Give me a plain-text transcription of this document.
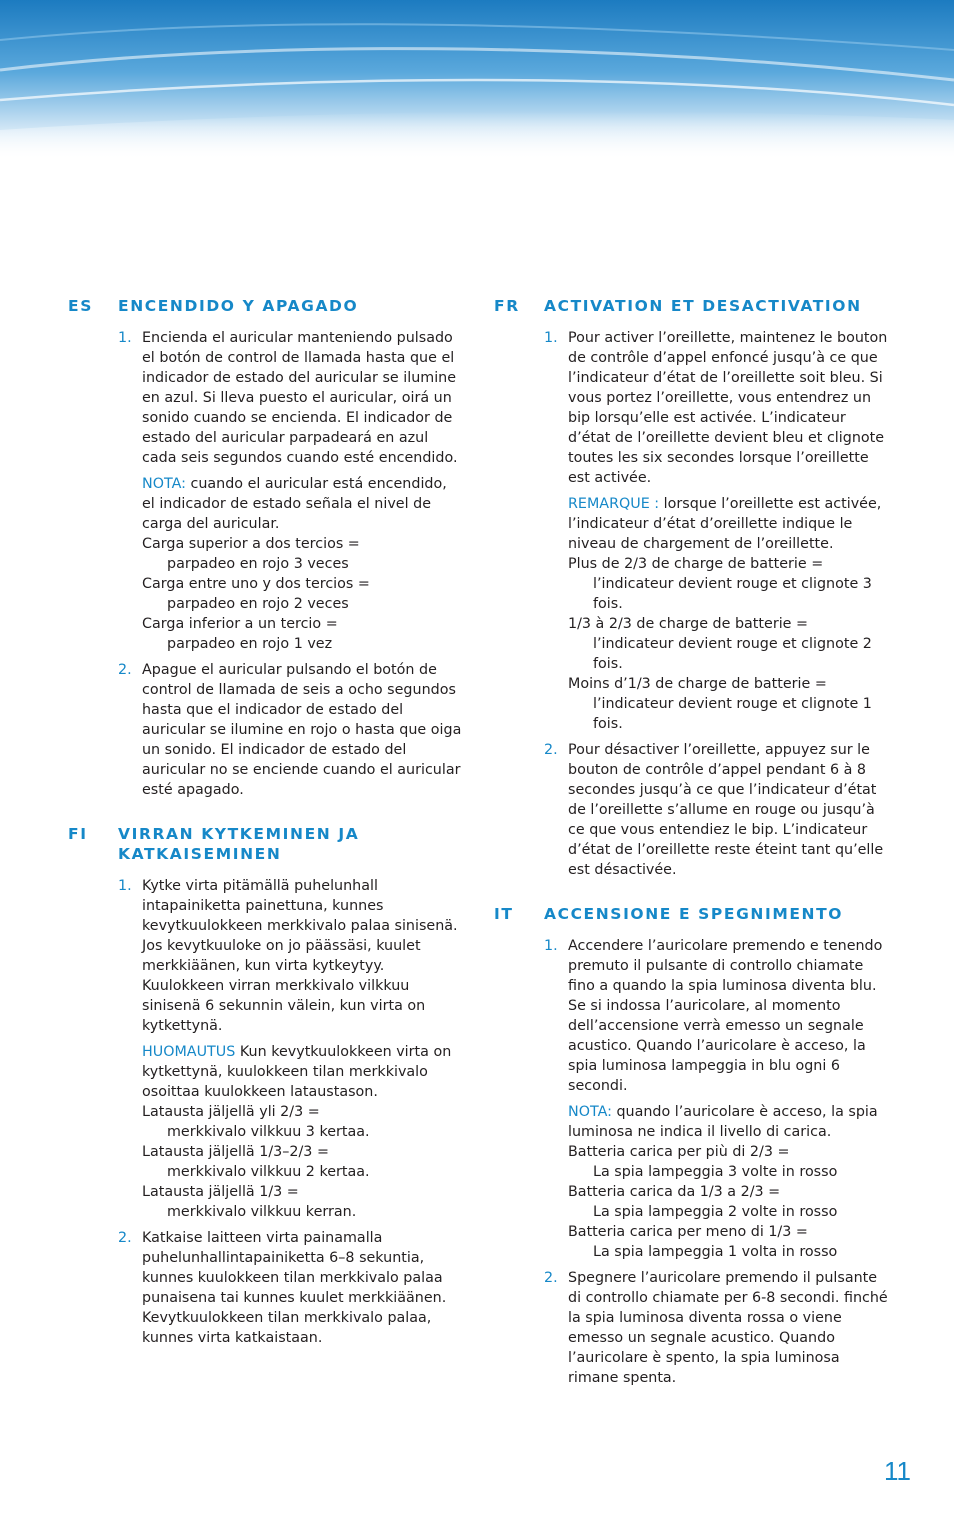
ES	ENCENDIDO Y APAGADO
1. Encienda el auricular manteniendo pulsado el botón de control de llamada hasta que el indicador de estado del auricular se ilumine en azul. Si lleva puesto el auricular, oirá un sonido cuando se encienda. El indicador de estado del auricular parpadeará en azul cada seis segundos cuando esté encendido.
NOTA: cuando el auricular está encendido, el indicador de estado señala el nivel de carga del auricular.
Carga superior a dos tercios =
parpadeo en rojo 3 veces
Carga entre uno y dos tercios =
parpadeo en rojo 2 veces
Carga inferior a un tercio =
parpadeo en rojo 1 vez
2. Apague el auricular pulsando el botón de control de llamada de seis a ocho segundos hasta que el indicador de estado del auricular se ilumine en rojo o hasta que oiga un sonido. El indicador de estado del auricular no se enciende cuando el auricular esté apagado.
FI	VIRRAN KYTKEMINEN JA KATKAISEMINEN
1. Kytke virta pitämällä puhelunhall intapainiketta painettuna, kunnes kevytkuulokkeen merkkivalo palaa sinisenä. Jos kevytkuuloke on jo päässäsi, kuulet merkkiäänen, kun virta kytkeytyy. Kuulokkeen virran merkkivalo vilkkuu sinisenä 6 sekunnin välein, kun virta on kytkettynä.
HUOMAUTUS Kun kevytkuulokkeen virta on kytkettynä, kuulokkeen tilan merkkivalo osoittaa kuulokkeen lataustason.
Latausta jäljellä yli 2/3 =
merkkivalo vilkkuu 3 kertaa.
Latausta jäljellä 1/3–2/3 =
merkkivalo vilkkuu 2 kertaa.
Latausta jäljellä 1/3 =
merkkivalo vilkkuu kerran.
2. Katkaise laitteen virta painamalla puhelunhallintapainiketta 6–8 sekuntia, kunnes kuulokkeen tilan merkkivalo palaa punaisena tai kunnes kuulet merkkiäänen. Kevytkuulokkeen tilan merkkivalo palaa, kunnes virta katkaistaan.
FR	ACTIVATION ET DESACTIVATION
1. Pour activer l’oreillette, maintenez le bouton de contrôle d’appel enfoncé jusqu’à ce que l’indicateur d’état de l’oreillette soit bleu. Si vous portez l’oreillette, vous entendrez un bip lorsqu’elle est activée. L’indicateur d’état de l’oreillette devient bleu et clignote toutes les six secondes lorsque l’oreillette est activée.
REMARQUE : lorsque l’oreillette est activée, l’indicateur d’état d’oreillette indique le niveau de chargement de l’oreillette.
Plus de 2/3 de charge de batterie =
l’indicateur devient rouge et clignote 3 fois.
1/3 à 2/3 de charge de batterie =
l’indicateur devient rouge et clignote 2 fois.
Moins d’1/3 de charge de batterie =
l’indicateur devient rouge et clignote 1 fois.
2. Pour désactiver l’oreillette, appuyez sur le bouton de contrôle d’appel pendant 6 à 8 secondes jusqu’à ce que l’indicateur d’état de l’oreillette s’allume en rouge ou jusqu’à ce que vous entendiez le bip. L’indicateur d’état de l’oreillette reste éteint tant qu’elle est désactivée.
IT	ACCENSIONE E SPEGNIMENTO
1. Accendere l’auricolare premendo e tenendo premuto il pulsante di controllo chiamate fino a quando la spia luminosa diventa blu. Se si indossa l’auricolare, al momento dell’accensione verrà emesso un segnale acustico. Quando l’auricolare è acceso, la spia luminosa lampeggia in blu ogni 6 secondi.
NOTA: quando l’auricolare è acceso, la spia luminosa ne indica il livello di carica.
Batteria carica per più di 2/3 =
La spia lampeggia 3 volte in rosso
Batteria carica da 1/3 a 2/3 =
La spia lampeggia 2 volte in rosso
Batteria carica per meno di 1/3 =
La spia lampeggia 1 volta in rosso
2. Spegnere l’auricolare premendo il pulsante di controllo chiamate per 6-8 secondi. finché la spia luminosa diventa rossa o viene emesso un segnale acustico. Quando l’auricolare è spento, la spia luminosa rimane spenta.
11
